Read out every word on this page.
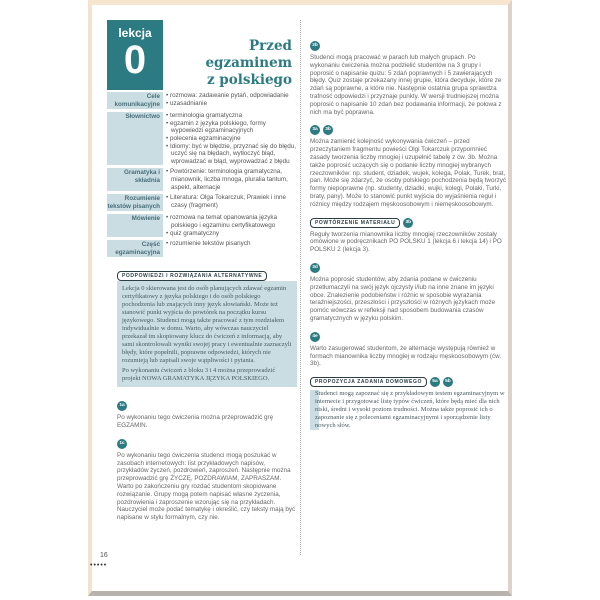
lekcja
0	Przed egzaminem
z polskiego
Cele komunikacyjne
• rozmowa: zadawanie pytań, odpowiadanie
• uzasadnianie
Słownictwo • terminologia gramatyczna
• egzamin z języka polskiego, formy wypowiedzi egzaminacyjnych
• polecenia egzaminacyjne
• Idiomy: być w błędzie, przyznać się do błędu, uczyć się na błędach, wytłoczyć błąd, wprowadzać w błąd, wyprowadzać z błędu
Gramatyka i składnia
• Powtórzenie: terminologia gramatyczna, mianownik, liczba mnoga, pluralia tantum, aspekt, alternacje
Rozumienie tekstów pisanych
• Literatura: Olga Tokarczuk, Prawiek i inne czasy (fragment)
Mówienie • rozmowa na temat opanowania języka polskiego i egzaminu certyfikatowego
• quiz gramatyczny
Część egzaminacyjna
• rozumienie tekstów pisanych
PODPOWIEDZI I ROZWIĄZANIA ALTERNATYWNE
Lekcja 0 skierowana jest do osób planujących zdawać egzamin certyfikatowy z języka polskiego i do osób polskiego pochodzenia lub znających inny język słowiański. Może też stanowić punkt wyjścia do powtórek na początku kursu językowego. Studenci mogą także pracować z tym rozdziałem indywidualnie w domu. Warto, aby wówczas nauczyciel przekazał im skopiowany klucz do ćwiczeń z informacją, aby sami skontrolowali wyniki swojej pracy i ewentualnie zaznaczyli błędy, które popełnili, poprawne odpowiedzi, których nie rozumieją lub zapisali swoje wątpliwości i pytania.
Po wykonaniu ćwiczeń z bloku 3 i 4 można przeprowadzić projekt NOWA GRAMATYKA JĘZYKA POLSKIEGO.
1a
Po wykonaniu tego ćwiczenia można przeprowadzić grę EGZAMIN.
1c
Po wykonaniu tego ćwiczenia studenci mogą poszukać w zasobach internetowych: list przykładowych napisów, przykładów życzeń, pozdrowień, zaproszeń. Następnie można przeprowadzić grę ŻYCZĘ, POZDRAWIAM, ZAPRASZAM. Warto po zakończeniu gry rozdać studentom skopiowane rozwiązanie. Grupy mogą potem napisać własne życzenia, pozdrowienia i zaproszenie wzorując się na przykładach. Nauczyciel może podać tematykę i określić, czy teksty mają być napisane w stylu formalnym, czy nie.
2b
Studenci mogą pracować w parach lub małych grupach. Po wykonaniu ćwiczenia można podzielić studentów na 3 grupy i poprosić o napisanie quizu: 5 zdań poprawnych i 5 zawierających błędy. Quiz zostaje przekazany innej grupie, która decyduje, które ze zdań są poprawne, a które nie. Następnie ostatnia grupa sprawdza trafność odpowiedzi i przyznaje punkty. W wersji trudniejszej można poprosić o napisanie 10 zdań bez podawania informacji, że połowa z nich ma być poprawna.
3a	3b
Można zamienić kolejność wykonywania ćwiczeń – przed przeczytaniem fragmentu powieści Olgi Tokarczuk przypomnieć zasady tworzenia liczby mnogiej i uzupełnić tabelę z ćw. 3b. Można także poprosić uczących się o podanie liczby mnogiej wybranych rzeczowników: np. student, dziadek, wujek, kolega, Polak, Turek, brat, pan. Może się zdarzyć, że osoby polskiego pochodzenia będą tworzyć formy niepoprawne (np. studenty, dziadki, wujki, kolegi, Polaki, Turki, braty, pany). Może to stanowić punkt wyjścia do wyjaśnienia reguł i różnicy między rodzajem męskoosobowym i niemęskoosobowym.
POWTÓRZENIE MATERIAŁU	3b
Reguły tworzenia mianownika liczby mnogiej rzeczowników zostały omówione w podręcznikach PO POLSKU 1 (lekcja 6 i lekcja 14) i PO POLSKU 2 (lekcja 3).
3d
Można poprosić studentów, aby zdania podane w ćwiczeniu przetłumaczyli na swój język ojczysty i/lub na inne znane im języki obce. Znalezienie podobieństw i różnic w sposobie wyrażania teraźniejszości, przeszłości i przyszłości w różnych językach może pomóc wówczas w refleksji nad sposobem budowania czasów gramatycznych w języku polskim.
4e
Warto zasugerować studentom, że alternacje występują również w formach mianownika liczby mnogiej w rodzaju męskoosobowym (ćw. 3b).
PROPOZYCJA ZADANIA DOMOWEGO	5a	5b
Studenci mogą zapoznać się z przykładowym testem egzaminacyjnym w internecie i przygotować listę typów ćwiczeń, które będą mieć dla nich niski, średni i wysoki poziom trudności. Można także poprosić ich o zapoznanie się z poleceniami egzaminacyjnymi i sporządzenie listy nowych słów.
16
•••••
